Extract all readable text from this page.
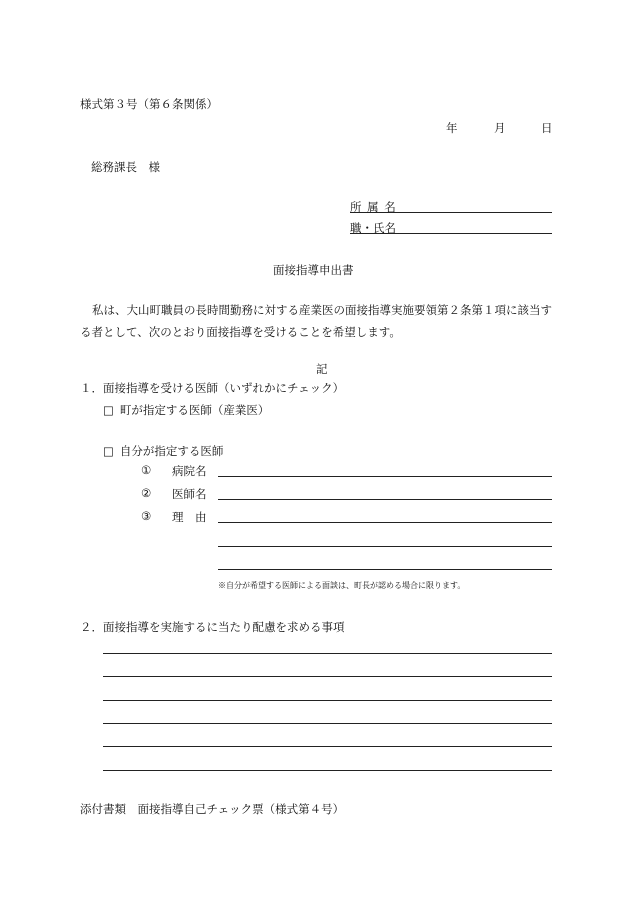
様式第３号（第６条関係）
年	月	日
総務課長　様
所 属 名
職・氏名
面接指導申出書
私は、大山町職員の長時間勤務に対する産業医の面接指導実施要領第２条第１項に該当する者として、次のとおり面接指導を受けることを希望します。
記
１．面接指導を受ける医師（いずれかにチェック）
□ 町が指定する医師（産業医）
□ 自分が指定する医師
① 病院名
② 医師名
③ 理　由
※自分が希望する医師による面談は、町長が認める場合に限ります。
２．面接指導を実施するに当たり配慮を求める事項
添付書類　面接指導自己チェック票（様式第４号）
